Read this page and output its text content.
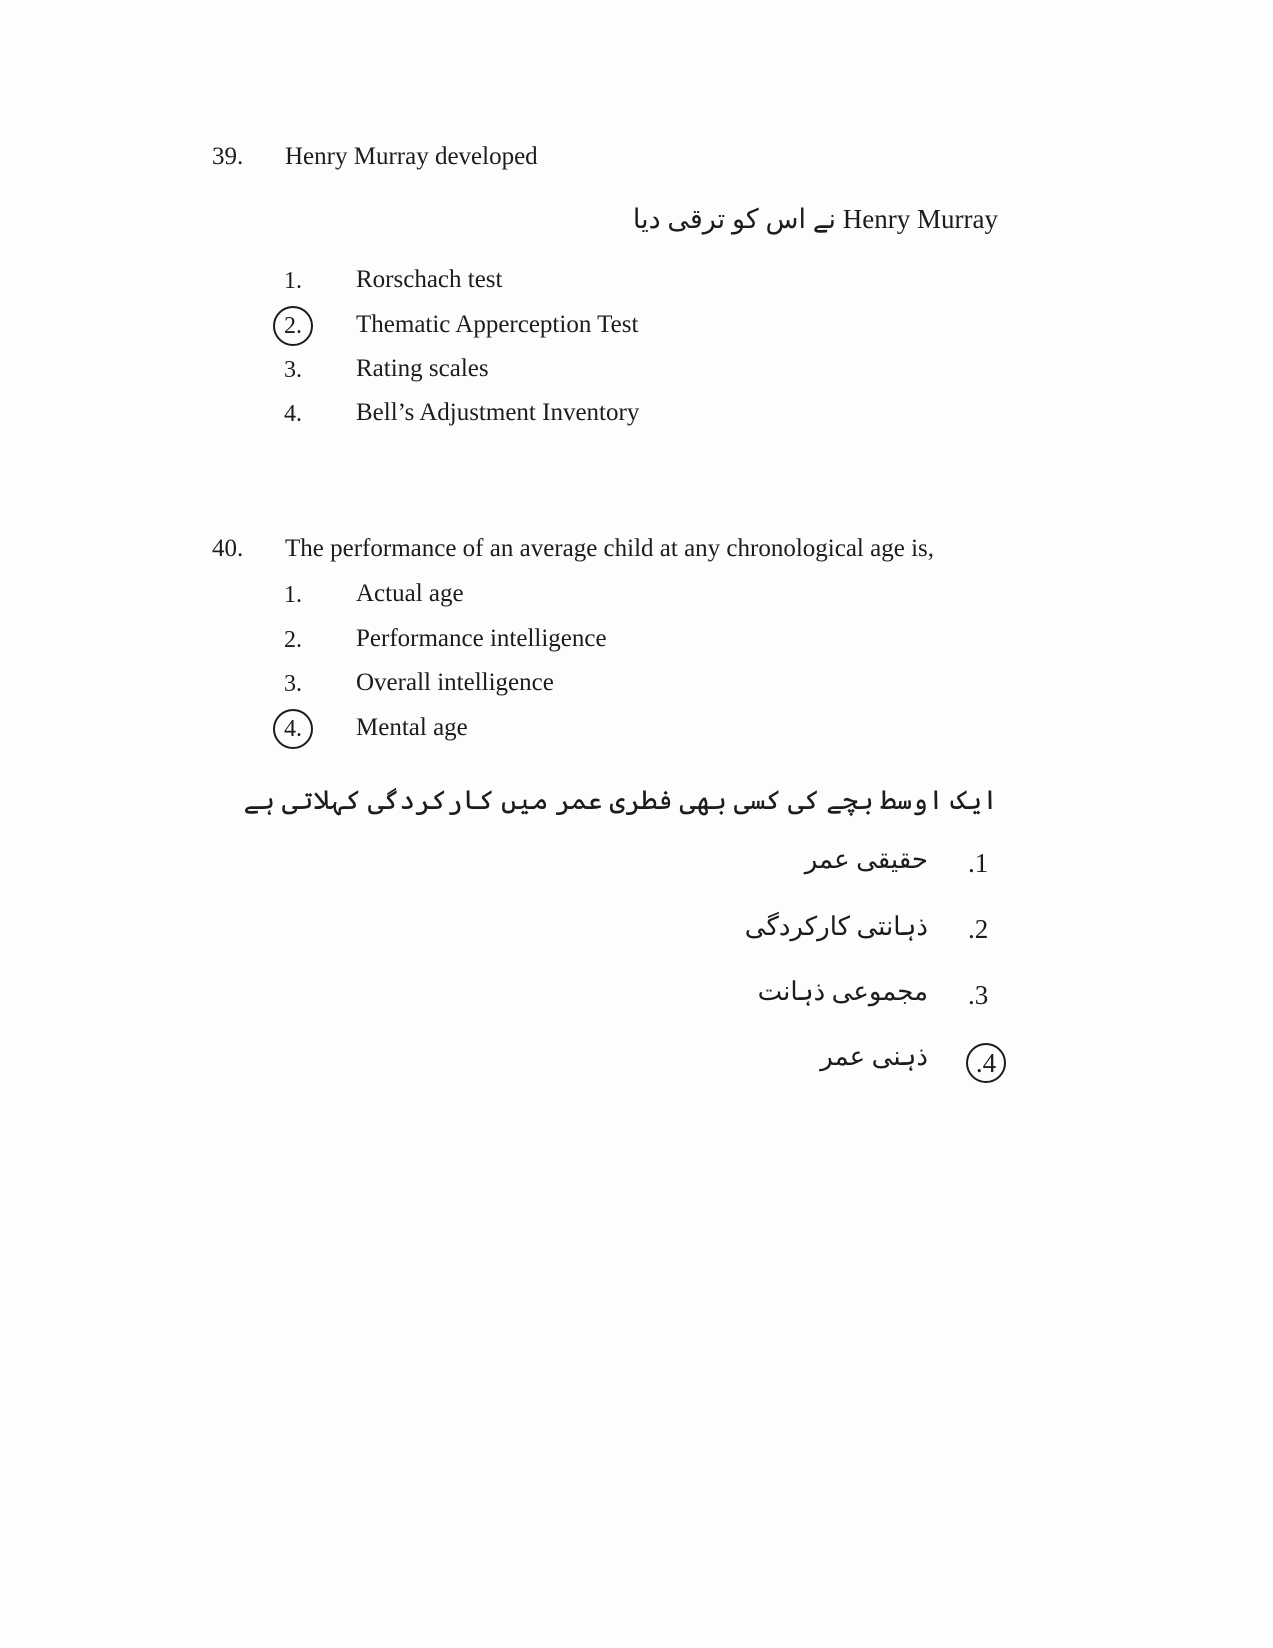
39. Henry Murray developed
Henry Murray نے اس کو ترقی دیا
1.	Rorschach test
2.	Thematic Apperception Test
3.	Rating scales
4.	Bell’s Adjustment Inventory
40. The performance of an average child at any chronological age is,
1.	Actual age
2.	Performance intelligence
3.	Overall intelligence
4.	Mental age
ایک اوسط بچے کی کسی بھی فطری عمر میں کارکردگی کہلاتی ہے
.1
حقیقی عمر
.2
ذہانتی کارکردگی
.3
مجموعی ذہانت
.4
ذہنی عمر
